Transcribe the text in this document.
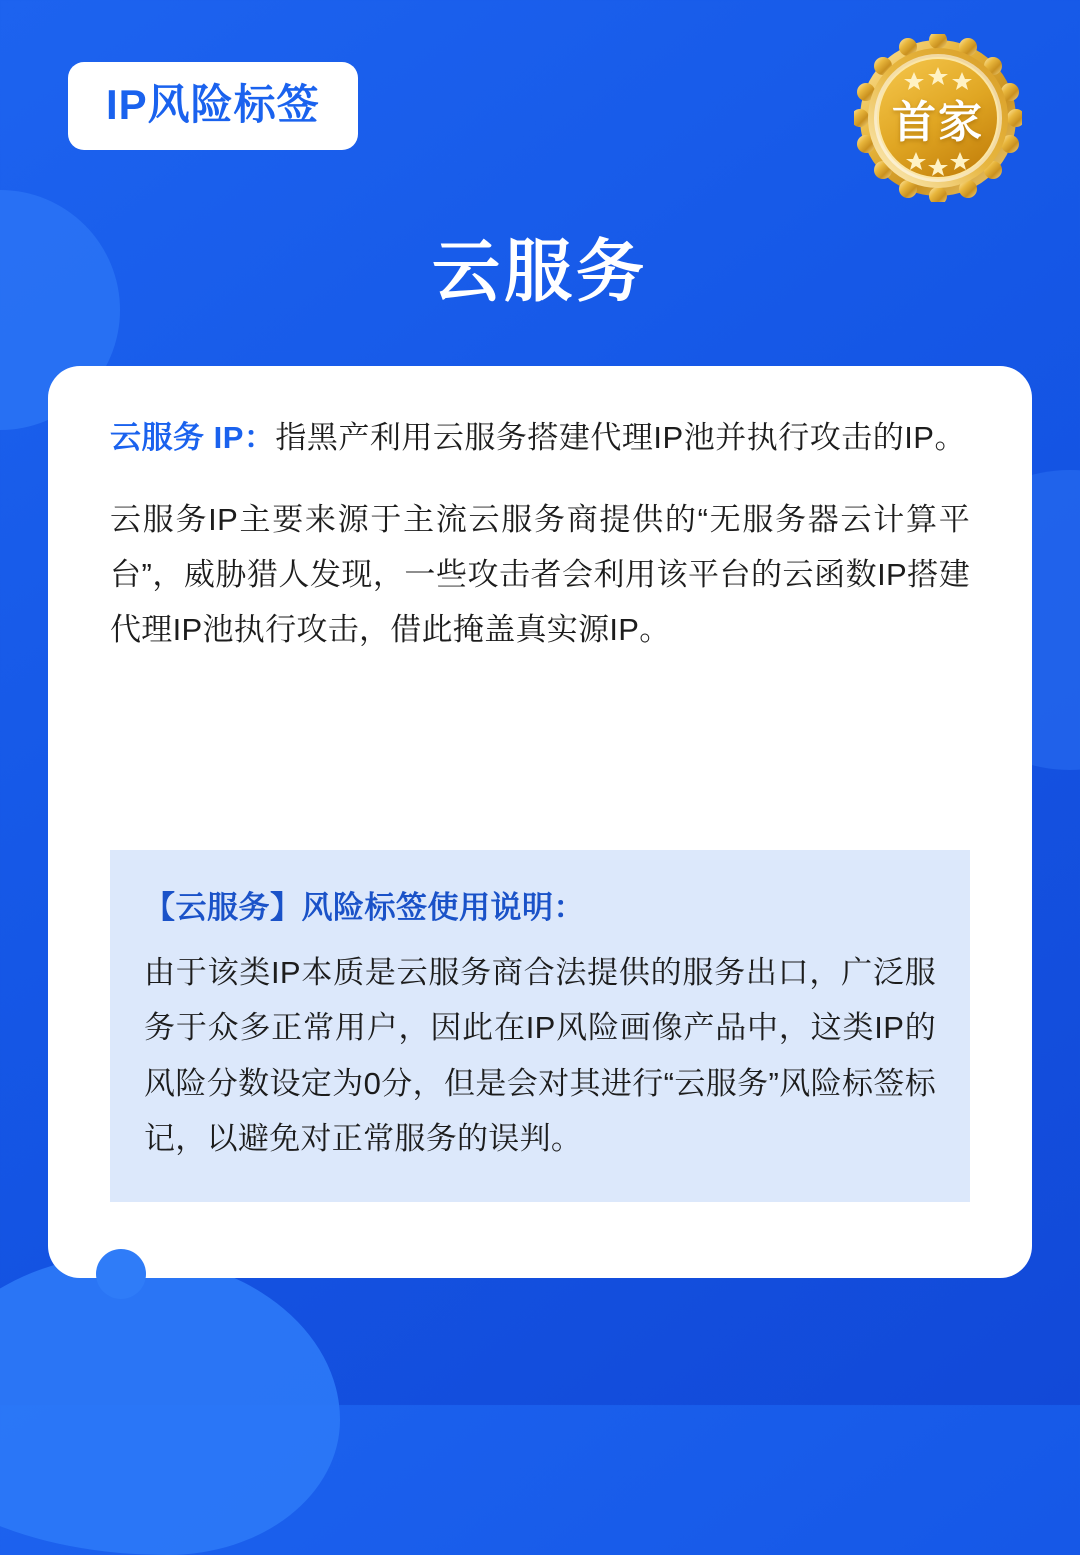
IP风险标签	首家
云服务

云服务 IP：指黑产利用云服务搭建代理IP池并执行攻击的IP。

云服务IP主要来源于主流云服务商提供的“无服务器云计算平台”，威胁猎人发现，一些攻击者会利用该平台的云函数IP搭建代理IP池执行攻击，借此掩盖真实源IP。

【云服务】风险标签使用说明：
由于该类IP本质是云服务商合法提供的服务出口，广泛服务于众多正常用户，因此在IP风险画像产品中，这类IP的风险分数设定为0分，但是会对其进行“云服务”风险标签标记，以避免对正常服务的误判。
